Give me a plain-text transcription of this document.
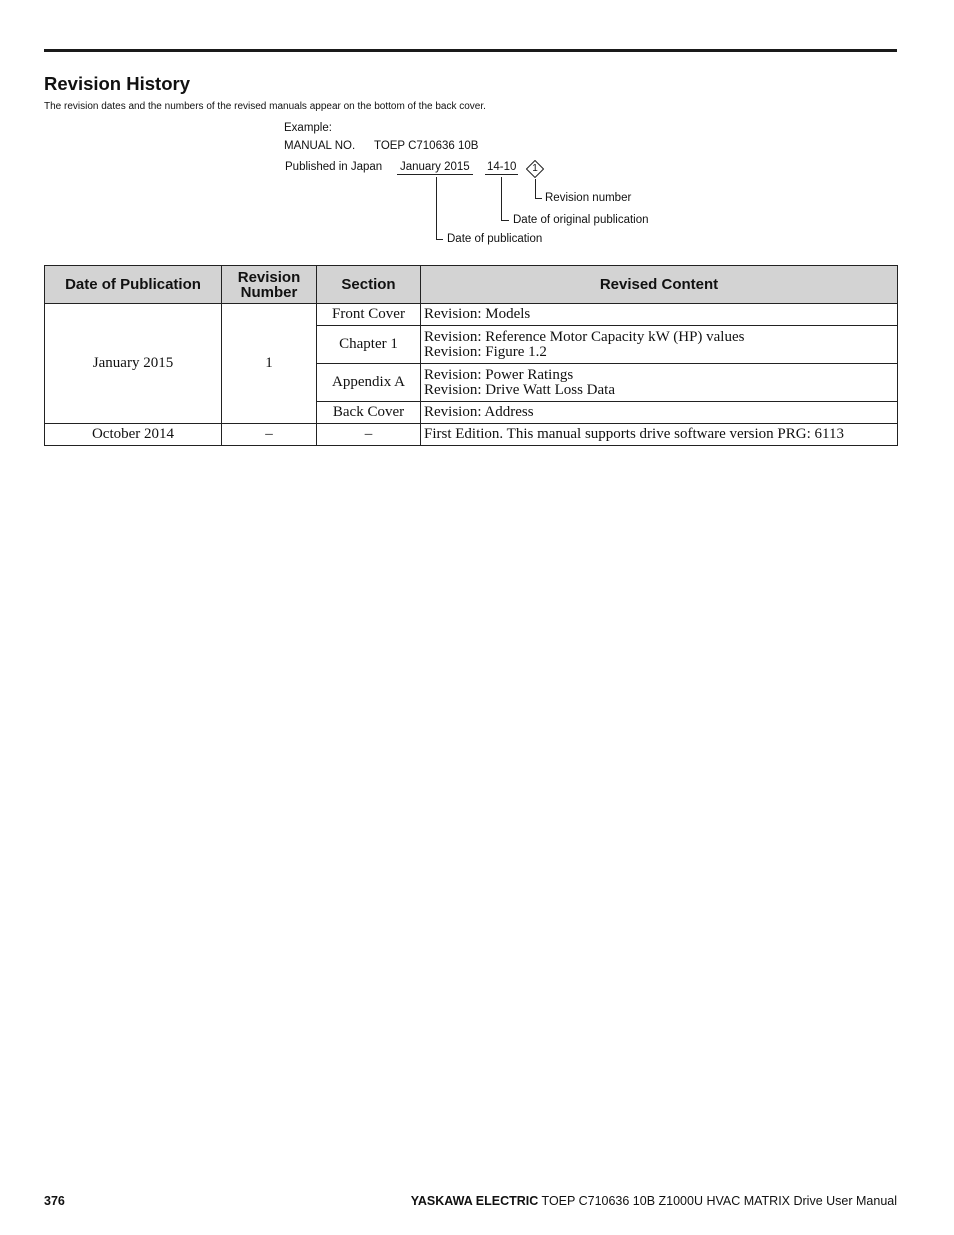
Revision History
The revision dates and the numbers of the revised manuals appear on the bottom of the back cover.
Example:
MANUAL NO. TOEP C710636 10B
Published in Japan January 2015 14-10	1
Revision number
Date of original publication
Date of publication
Date of Publication	Revision
Number	Section	Revised Content
January 2015	1	Front Cover	Revision: Models

		Chapter 1	Revision: Reference Motor Capacity kW (HP) values
Revision: Figure 1.2

		Appendix A	Revision: Power Ratings
Revision: Drive Watt Loss Data

		Back Cover	Revision: Address

October 2014	–	–	First Edition. This manual supports drive software version PRG: 6113
376	YASKAWA ELECTRIC TOEP C710636 10B Z1000U HVAC MATRIX Drive User Manual
